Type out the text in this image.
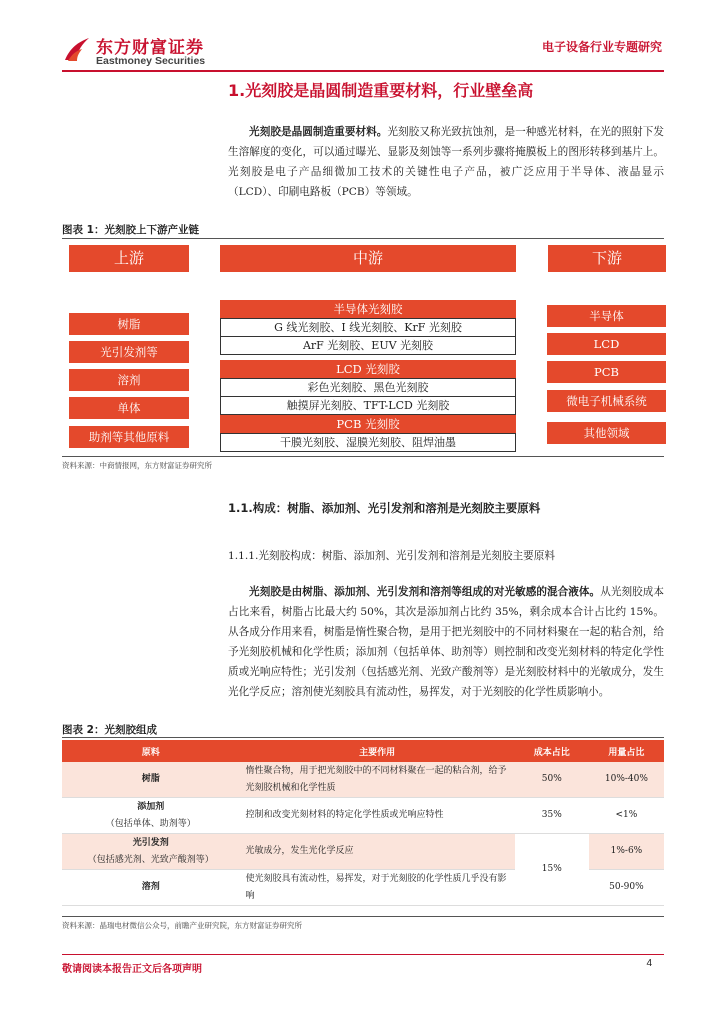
东方财富证券
Eastmoney Securities
电子设备行业专题研究
1.光刻胶是晶圆制造重要材料，行业壁垒高
光刻胶是晶圆制造重要材料。光刻胶又称光致抗蚀剂，是一种感光材料，在光的照射下发生溶解度的变化，可以通过曝光、显影及刻蚀等一系列步骤将掩膜板上的图形转移到基片上。光刻胶是电子产品细微加工技术的关键性电子产品，被广泛应用于半导体、液晶显示（LCD）、印刷电路板（PCB）等领域。
图表 1：光刻胶上下游产业链
上游	中游	下游
树脂
光引发剂等
溶剂
单体
助剂等其他原料
半导体光刻胶
G 线光刻胶、I 线光刻胶、KrF 光刻胶
ArF 光刻胶、EUV 光刻胶
LCD 光刻胶
彩色光刻胶、黑色光刻胶
触摸屏光刻胶、TFT-LCD 光刻胶
PCB 光刻胶
干膜光刻胶、湿膜光刻胶、阻焊油墨
半导体
LCD
PCB
微电子机械系统
其他领域
资料来源：中商情报网，东方财富证券研究所
1.1.构成：树脂、添加剂、光引发剂和溶剂是光刻胶主要原料
1.1.1.光刻胶构成：树脂、添加剂、光引发剂和溶剂是光刻胶主要原料
光刻胶是由树脂、添加剂、光引发剂和溶剂等组成的对光敏感的混合液体。从光刻胶成本占比来看，树脂占比最大约 50%，其次是添加剂占比约 35%，剩余成本合计占比约 15%。从各成分作用来看，树脂是惰性聚合物，是用于把光刻胶中的不同材料聚在一起的粘合剂，给予光刻胶机械和化学性质；添加剂（包括单体、助剂等）则控制和改变光刻材料的特定化学性质或光响应特性；光引发剂（包括感光剂、光致产酸剂等）是光刻胶材料中的光敏成分，发生光化学反应；溶剂使光刻胶具有流动性，易挥发，对于光刻胶的化学性质影响小。
图表 2：光刻胶组成
原料	主要作用	成本占比	用量占比
树脂	惰性聚合物，用于把光刻胶中的不同材料聚在一起的粘合剂，给予光刻胶机械和化学性质	50%	10%-40%

添加剂
（包括单体、助剂等）	控制和改变光刻材料的特定化学性质或光响应特性	35%	<1%

光引发剂
（包括感光剂、光致产酸剂等）	光敏成分，发生光化学反应	15%	1%-6%
溶剂	使光刻胶具有流动性，易挥发，对于光刻胶的化学性质几乎没有影响		50-90%
资料来源：晶瑞电材微信公众号，前瞻产业研究院，东方财富证券研究所
敬请阅读本报告正文后各项声明
4
